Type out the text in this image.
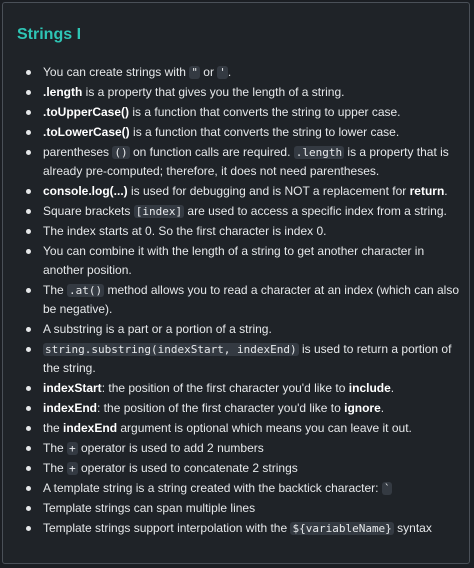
Strings I
You can create strings with " or ' .
.length is a property that gives you the length of a string.
.toUpperCase() is a function that converts the string to upper case.
.toLowerCase() is a function that converts the string to lower case.
parentheses () on function calls are required. .length is a property that is already pre-computed; therefore, it does not need parentheses.
console.log(...) is used for debugging and is NOT a replacement for return.
Square brackets [index] are used to access a specific index from a string.
The index starts at 0. So the first character is index 0.
You can combine it with the length of a string to get another character in another position.
The .at() method allows you to read a character at an index (which can also be negative).
A substring is a part or a portion of a string.
string.substring(indexStart, indexEnd) is used to return a portion of the string.
indexStart: the position of the first character you'd like to include.
indexEnd: the position of the first character you'd like to ignore.
the indexEnd argument is optional which means you can leave it out.
The + operator is used to add 2 numbers
The + operator is used to concatenate 2 strings
A template string is a string created with the backtick character: `
Template strings can span multiple lines
Template strings support interpolation with the ${variableName} syntax
